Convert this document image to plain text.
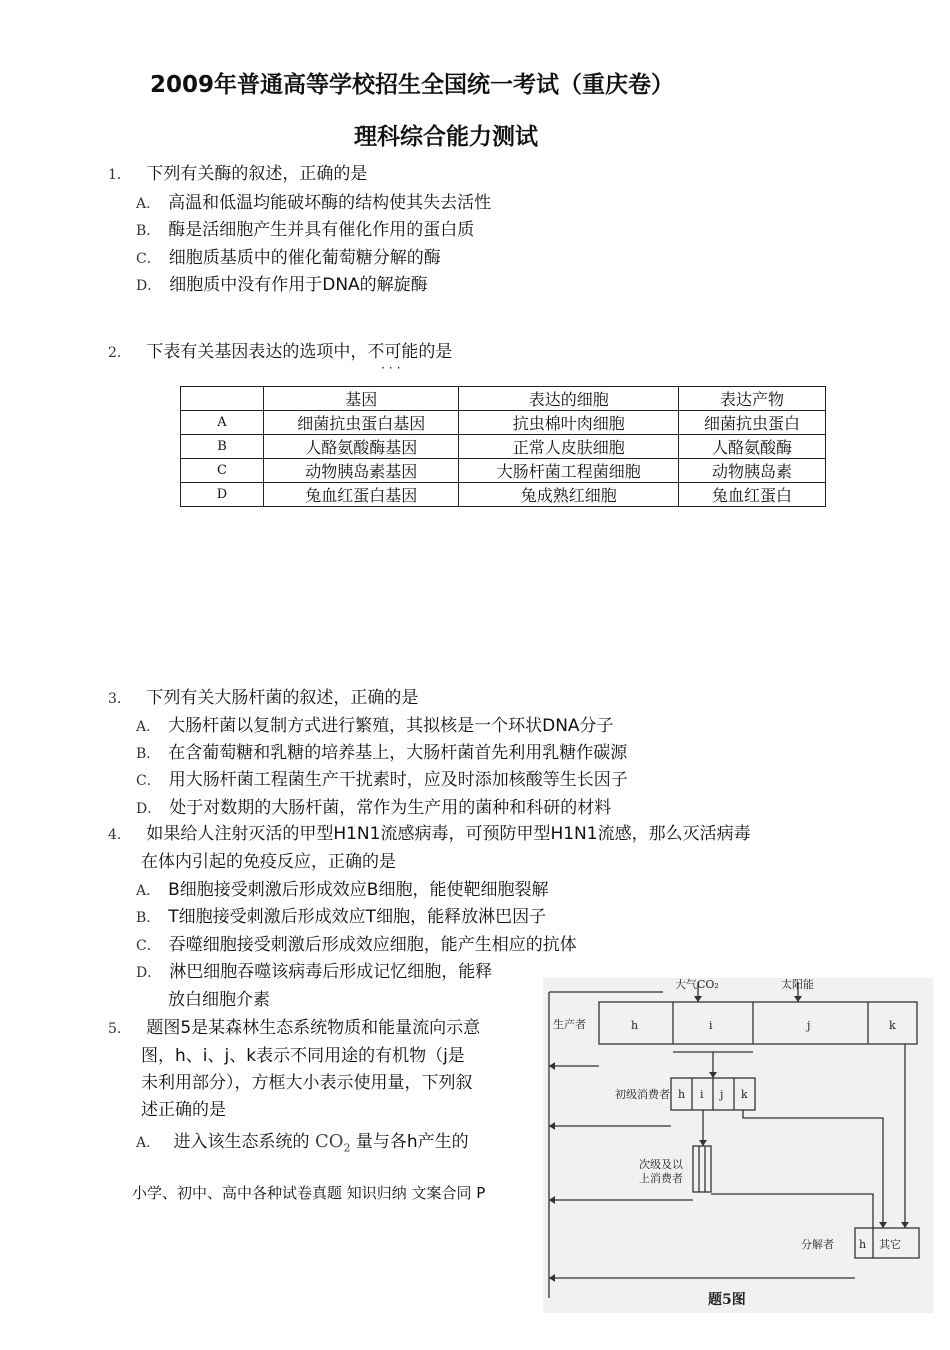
2009年普通高等学校招生全国统一考试（重庆卷）
理科综合能力测试
1． 下列有关酶的叙述，正确的是
A． 高温和低温均能破坏酶的结构使其失去活性
B． 酶是活细胞产生并具有催化作用的蛋白质
C． 细胞质基质中的催化葡萄糖分解的酶
D． 细胞质中没有作用于DNA的解旋酶
2． 下表有关基因表达的选项中，不可能
···
的是
	基因	表达的细胞	表达产物
A	细菌抗虫蛋白基因	抗虫棉叶肉细胞	细菌抗虫蛋白
B	人酪氨酸酶基因	正常人皮肤细胞	人酪氨酸酶
C	动物胰岛素基因	大肠杆菌工程菌细胞	动物胰岛素
D	兔血红蛋白基因	兔成熟红细胞	兔血红蛋白
3． 下列有关大肠杆菌的叙述，正确的是
A． 大肠杆菌以复制方式进行繁殖，其拟核是一个环状DNA分子
B． 在含葡萄糖和乳糖的培养基上，大肠杆菌首先利用乳糖作碳源
C． 用大肠杆菌工程菌生产干扰素时，应及时添加核酸等生长因子
D． 处于对数期的大肠杆菌，常作为生产用的菌种和科研的材料
4． 如果给人注射灭活的甲型H1N1流感病毒，可预防甲型H1N1流感，那么灭活病毒
在体内引起的免疫反应，正确的是
A． B细胞接受刺激后形成效应B细胞，能使靶细胞裂解
B． T细胞接受刺激后形成效应T细胞，能释放淋巴因子
C． 吞噬细胞接受刺激后形成效应细胞，能产生相应的抗体
D． 淋巴细胞吞噬该病毒后形成记忆细胞，能释
放白细胞介素
5． 题图5是某森林生态系统物质和能量流向示意
图，h、i、j、k表示不同用途的有机物（j是
未利用部分），方框大小表示使用量，下列叙
述正确的是
A． 进入该生态系统的 $CO_2$ 量与各h产生的
小学、初中、高中各种试卷真题 知识归纳 文案合同 P
大气CO₂	太阳能
生产者	h	i	j	k
初级消费者 h i j k
次级及以
上消费者
分解者 h 其它
题5图
